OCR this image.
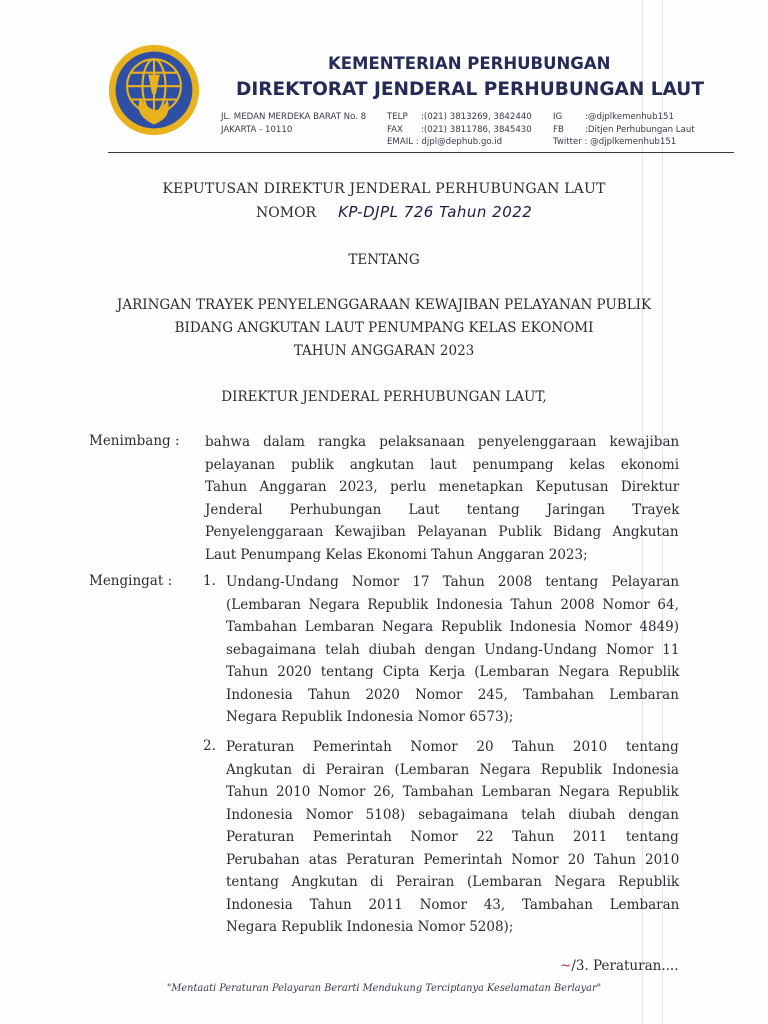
KEMENTERIAN PERHUBUNGAN
DIREKTORAT JENDERAL PERHUBUNGAN LAUT
JL. MEDAN MERDEKA BARAT No. 8
JAKARTA - 10110
TELP	:(021) 3813269, 3842440
FAX	:(021) 3811786, 3845430
EMAIL : djpl@dephub.go.id
IG	:@djplkemenhub151
FB	:Ditjen Perhubungan Laut
Twitter : @djplkemenhub151
KEPUTUSAN DIREKTUR JENDERAL PERHUBUNGAN LAUT
NOMOR KP-DJPL 726 Tahun 2022
TENTANG
JARINGAN TRAYEK PENYELENGGARAAN KEWAJIBAN PELAYANAN PUBLIK
BIDANG ANGKUTAN LAUT PENUMPANG KELAS EKONOMI
TAHUN ANGGARAN 2023
DIREKTUR JENDERAL PERHUBUNGAN LAUT,
Menimbang : bahwa dalam rangka pelaksanaan penyelenggaraan kewajiban
pelayanan publik angkutan laut penumpang kelas ekonomi
Tahun Anggaran 2023, perlu menetapkan Keputusan Direktur
Jenderal Perhubungan Laut tentang Jaringan Trayek
Penyelenggaraan Kewajiban Pelayanan Publik Bidang Angkutan
Laut Penumpang Kelas Ekonomi Tahun Anggaran 2023;
Mengingat : 1. Undang-Undang Nomor 17 Tahun 2008 tentang Pelayaran
(Lembaran Negara Republik Indonesia Tahun 2008 Nomor 64,
Tambahan Lembaran Negara Republik Indonesia Nomor 4849)
sebagaimana telah diubah dengan Undang-Undang Nomor 11
Tahun 2020 tentang Cipta Kerja (Lembaran Negara Republik
Indonesia Tahun 2020 Nomor 245, Tambahan Lembaran
Negara Republik Indonesia Nomor 6573);
2. Peraturan Pemerintah Nomor 20 Tahun 2010 tentang
Angkutan di Perairan (Lembaran Negara Republik Indonesia
Tahun 2010 Nomor 26, Tambahan Lembaran Negara Republik
Indonesia Nomor 5108) sebagaimana telah diubah dengan
Peraturan Pemerintah Nomor 22 Tahun 2011 tentang
Perubahan atas Peraturan Pemerintah Nomor 20 Tahun 2010
tentang Angkutan di Perairan (Lembaran Negara Republik
Indonesia Tahun 2011 Nomor 43, Tambahan Lembaran
Negara Republik Indonesia Nomor 5208);
~/3. Peraturan....
"Mentaati Peraturan Pelayaran Berarti Mendukung Terciptanya Keselamatan Berlayar"
